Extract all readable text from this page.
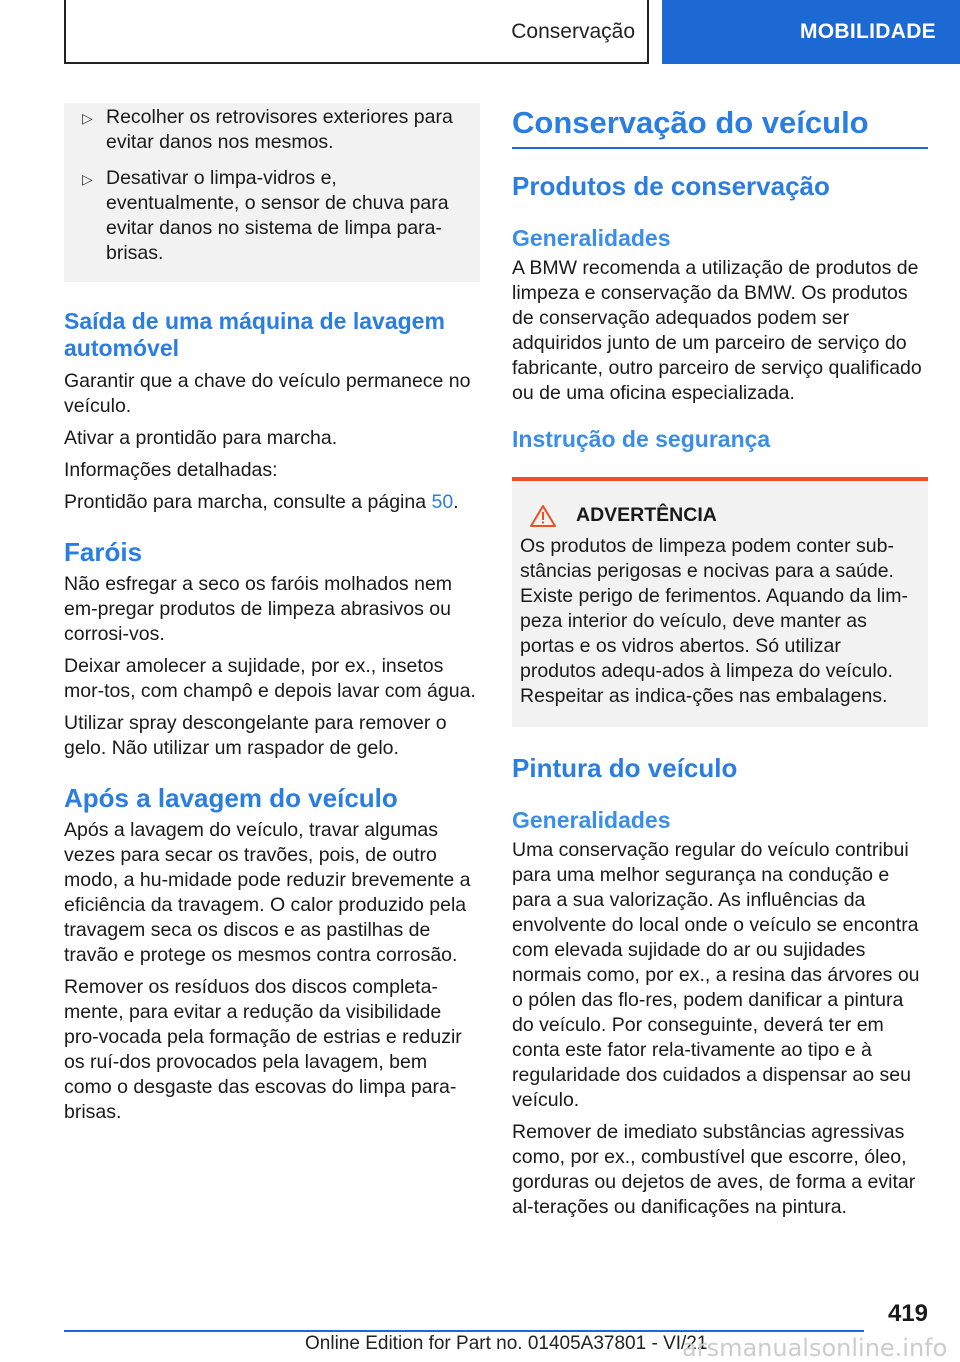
Conservação	MOBILIDADE
▷ Recolher os retrovisores exteriores para evitar danos nos mesmos.
▷ Desativar o limpa-vidros e, eventualmente, o sensor de chuva para evitar danos no sistema de limpa para-brisas.
Saída de uma máquina de lavagem automóvel

Garantir que a chave do veículo permanece no veículo.

Ativar a prontidão para marcha.

Informações detalhadas:

Prontidão para marcha, consulte a página 50.

Faróis

Não esfregar a seco os faróis molhados nem em-pregar produtos de limpeza abrasivos ou corrosi-vos.

Deixar amolecer a sujidade, por ex., insetos mor-tos, com champô e depois lavar com água.

Utilizar spray descongelante para remover o gelo. Não utilizar um raspador de gelo.

Após a lavagem do veículo

Após a lavagem do veículo, travar algumas vezes para secar os travões, pois, de outro modo, a hu-midade pode reduzir brevemente a eficiência da travagem. O calor produzido pela travagem seca os discos e as pastilhas de travão e protege os mesmos contra corrosão.

Remover os resíduos dos discos completa-mente, para evitar a redução da visibilidade pro-vocada pela formação de estrias e reduzir os ruí-dos provocados pela lavagem, bem como o desgaste das escovas do limpa para-brisas.

Conservação do veículo
Produtos de conservação
Generalidades

A BMW recomenda a utilização de produtos de limpeza e conservação da BMW. Os produtos de conservação adequados podem ser adquiridos junto de um parceiro de serviço do fabricante, outro parceiro de serviço qualificado ou de uma oficina especializada.

Instrução de segurança
ADVERTÊNCIA
Os produtos de limpeza podem conter sub-stâncias perigosas e nocivas para a saúde. Existe perigo de ferimentos. Aquando da lim-peza interior do veículo, deve manter as portas e os vidros abertos. Só utilizar produtos adequ-ados à limpeza do veículo. Respeitar as indica-ções nas embalagens.
Pintura do veículo
Generalidades

Uma conservação regular do veículo contribui para uma melhor segurança na condução e para a sua valorização. As influências da envolvente do local onde o veículo se encontra com elevada sujidade do ar ou sujidades normais como, por ex., a resina das árvores ou o pólen das flo-res, podem danificar a pintura do veículo. Por conseguinte, deverá ter em conta este fator rela-tivamente ao tipo e à regularidade dos cuidados a dispensar ao seu veículo.

Remover de imediato substâncias agressivas como, por ex., combustível que escorre, óleo, gorduras ou dejetos de aves, de forma a evitar al-terações ou danificações na pintura.

419
Online Edition for Part no. 01405A37801 - VI/21
arsmanualsonline.info
